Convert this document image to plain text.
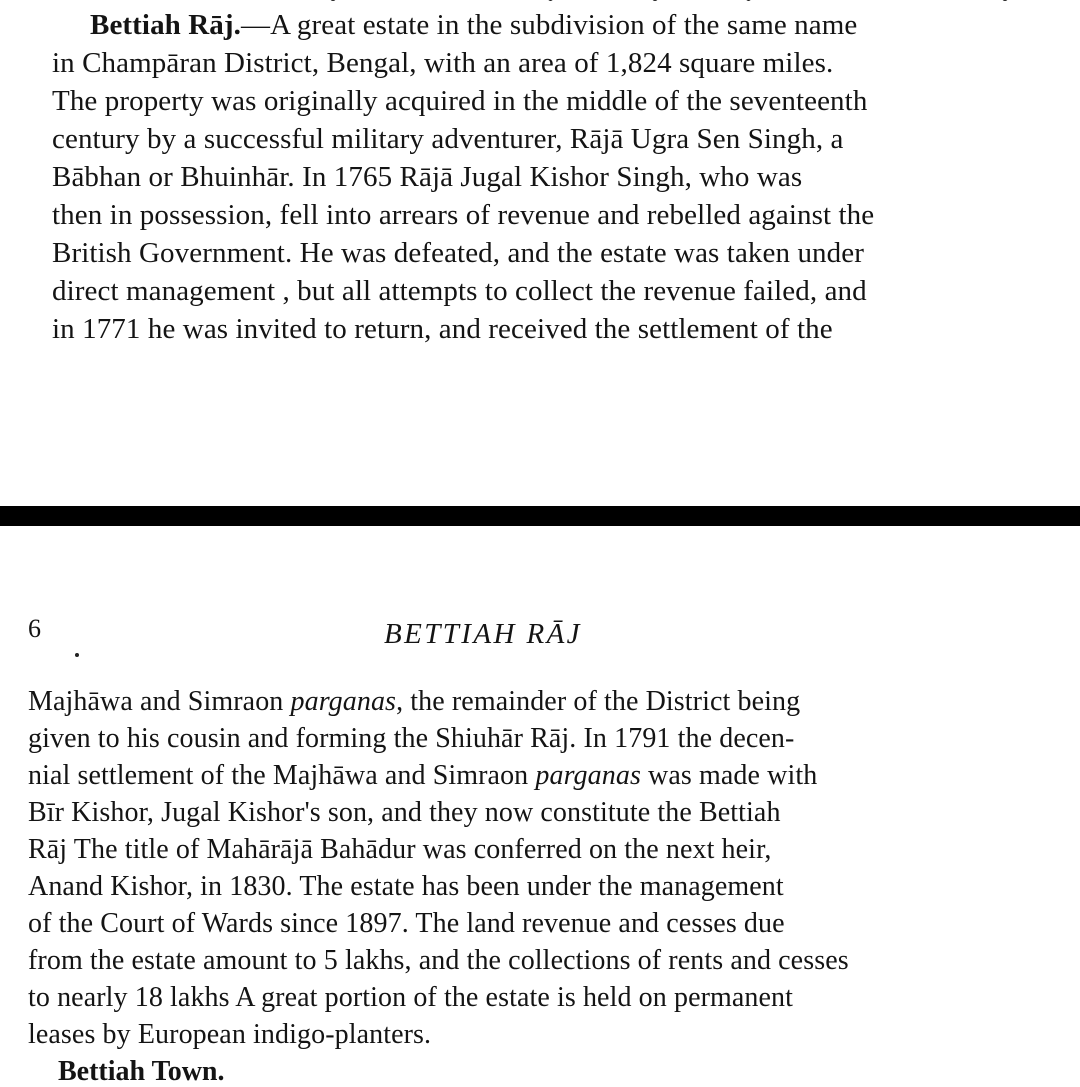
Bettiah Rāj.—A great estate in the subdivision of the same name
in Champāran District, Bengal, with an area of 1,824 square miles.
The property was originally acquired in the middle of the seventeenth
century by a successful military adventurer, Rājā Ugra Sen Singh, a
Bābhan or Bhuinhār. In 1765 Rājā Jugal Kishor Singh, who was
then in possession, fell into arrears of revenue and rebelled against the
British Government. He was defeated, and the estate was taken under
direct management , but all attempts to collect the revenue failed, and
in 1771 he was invited to return, and received the settlement of the
6	BETTIAH RĀJ
Majhāwa and Simraon parganas, the remainder of the District being
given to his cousin and forming the Shiuhār Rāj. In 1791 the decen-
nial settlement of the Majhāwa and Simraon parganas was made with
Bīr Kishor, Jugal Kishor's son, and they now constitute the Bettiah
Rāj The title of Mahārājā Bahādur was conferred on the next heir,
Anand Kishor, in 1830. The estate has been under the management
of the Court of Wards since 1897. The land revenue and cesses due
from the estate amount to 5 lakhs, and the collections of rents and cesses
to nearly 18 lakhs A great portion of the estate is held on permanent
leases by European indigo-planters.
Bettiah Town.
